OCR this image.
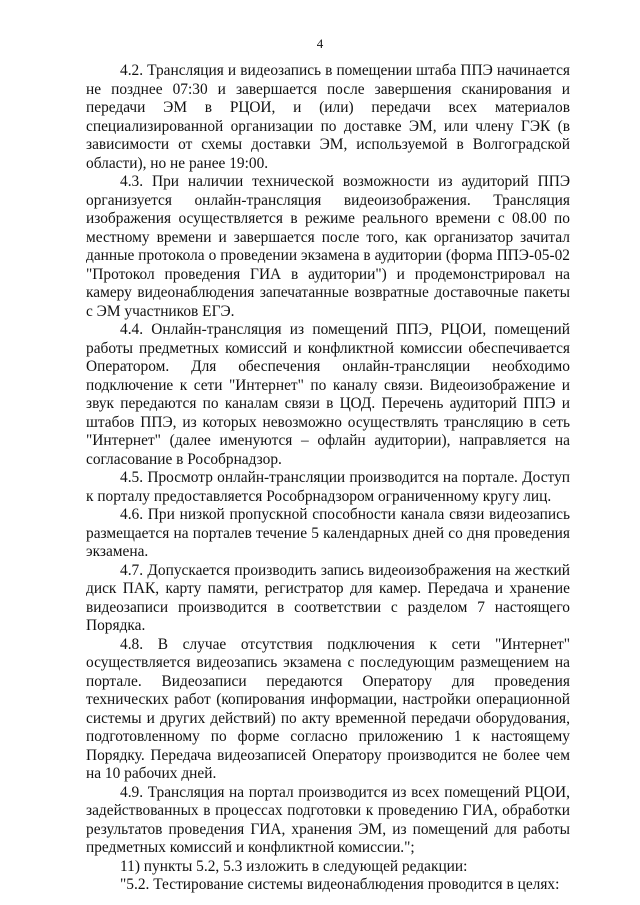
4

4.2. Трансляция и видеозапись в помещении штаба ППЭ начинается не позднее 07:30 и завершается после завершения сканирования и передачи ЭМ в РЦОИ, и (или) передачи всех материалов специализированной организации по доставке ЭМ, или члену ГЭК (в зависимости от схемы доставки ЭМ, используемой в Волгоградской области), но не ранее 19:00.

4.3. При наличии технической возможности из аудиторий ППЭ организуется онлайн-трансляция видеоизображения. Трансляция изображения осуществляется в режиме реального времени с 08.00 по местному времени и завершается после того, как организатор зачитал данные протокола о проведении экзамена в аудитории (форма ППЭ-05-02 "Протокол проведения ГИА в аудитории") и продемонстрировал на камеру видеонаблюдения запечатанные возвратные доставочные пакеты с ЭМ участников ЕГЭ.

4.4. Онлайн-трансляция из помещений ППЭ, РЦОИ, помещений работы предметных комиссий и конфликтной комиссии обеспечивается Оператором. Для обеспечения онлайн-трансляции необходимо подключение к сети "Интернет" по каналу связи. Видеоизображение и звук передаются по каналам связи в ЦОД. Перечень аудиторий ППЭ и штабов ППЭ, из которых невозможно осуществлять трансляцию в сеть "Интернет" (далее именуются – офлайн аудитории), направляется на согласование в Рособрнадзор.

4.5. Просмотр онлайн-трансляции производится на портале. Доступ к порталу предоставляется Рособрнадзором ограниченному кругу лиц.

4.6. При низкой пропускной способности канала связи видеозапись размещается на порталев течение 5 календарных дней со дня проведения экзамена.

4.7. Допускается производить запись видеоизображения на жесткий диск ПАК, карту памяти, регистратор для камер. Передача и хранение видеозаписи производится в соответствии с разделом 7 настоящего Порядка.

4.8. В случае отсутствия подключения к сети "Интернет" осуществляется видеозапись экзамена с последующим размещением на портале. Видеозаписи передаются Оператору для проведения технических работ (копирования информации, настройки операционной системы и других действий) по акту временной передачи оборудования, подготовленному по форме согласно приложению 1 к настоящему Порядку. Передача видеозаписей Оператору производится не более чем на 10 рабочих дней.

4.9. Трансляция на портал производится из всех помещений РЦОИ, задействованных в процессах подготовки к проведению ГИА, обработки результатов проведения ГИА, хранения ЭМ, из помещений для работы предметных комиссий и конфликтной комиссии.";

11) пункты 5.2, 5.3 изложить в следующей редакции:

"5.2. Тестирование системы видеонаблюдения проводится в целях:
